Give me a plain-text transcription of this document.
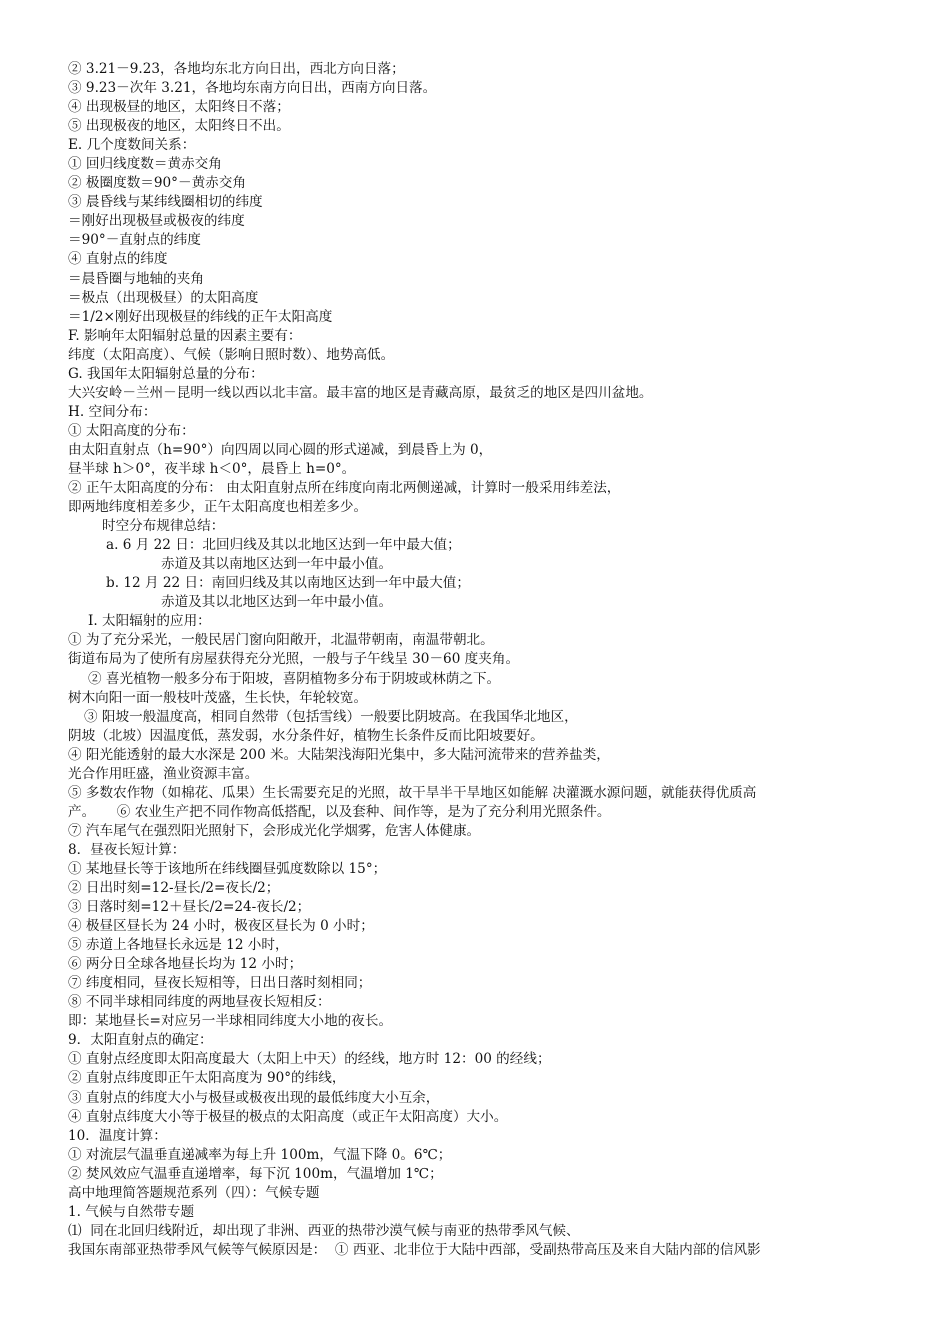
② 3.21－9.23，各地均东北方向日出，西北方向日落；
③ 9.23－次年 3.21，各地均东南方向日出，西南方向日落。
④ 出现极昼的地区，太阳终日不落；
⑤ 出现极夜的地区，太阳终日不出。
E. 几个度数间关系：
① 回归线度数＝黄赤交角
② 极圈度数＝90°－黄赤交角
③ 晨昏线与某纬线圈相切的纬度
＝刚好出现极昼或极夜的纬度
＝90°－直射点的纬度
④ 直射点的纬度
＝晨昏圈与地轴的夹角
＝极点（出现极昼）的太阳高度
＝1/2×刚好出现极昼的纬线的正午太阳高度
F. 影响年太阳辐射总量的因素主要有：
纬度（太阳高度）、气候（影响日照时数）、地势高低。
G. 我国年太阳辐射总量的分布：
大兴安岭－兰州－昆明一线以西以北丰富。最丰富的地区是青藏高原，最贫乏的地区是四川盆地。
H. 空间分布：
① 太阳高度的分布：
由太阳直射点（h=90°）向四周以同心圆的形式递减，到晨昏上为 0，
昼半球 h＞0°，夜半球 h＜0°，晨昏上 h=0°。
② 正午太阳高度的分布： 由太阳直射点所在纬度向南北两侧递减，计算时一般采用纬差法，
即两地纬度相差多少，正午太阳高度也相差多少。
时空分布规律总结：
a. 6 月 22 日：北回归线及其以北地区达到一年中最大值；
赤道及其以南地区达到一年中最小值。
b. 12 月 22 日：南回归线及其以南地区达到一年中最大值；
赤道及其以北地区达到一年中最小值。
I. 太阳辐射的应用：
① 为了充分采光，一般民居门窗向阳敞开，北温带朝南，南温带朝北。
街道布局为了使所有房屋获得充分光照，一般与子午线呈 30－60 度夹角。
② 喜光植物一般多分布于阳坡，喜阴植物多分布于阴坡或林荫之下。
树木向阳一面一般枝叶茂盛，生长快，年轮较宽。
③ 阳坡一般温度高，相同自然带（包括雪线）一般要比阴坡高。在我国华北地区，
阴坡（北坡）因温度低，蒸发弱，水分条件好，植物生长条件反而比阳坡要好。
④ 阳光能透射的最大水深是 200 米。大陆架浅海阳光集中，多大陆河流带来的营养盐类，
光合作用旺盛，渔业资源丰富。
⑤ 多数农作物（如棉花、瓜果）生长需要充足的光照，故干旱半干旱地区如能解 决灌溉水源问题，就能获得优质高
产。     ⑥ 农业生产把不同作物高低搭配，以及套种、间作等，是为了充分利用光照条件。
⑦ 汽车尾气在强烈阳光照射下，会形成光化学烟雾，危害人体健康。
8．昼夜长短计算：
① 某地昼长等于该地所在纬线圈昼弧度数除以 15°；
② 日出时刻=12-昼长/2=夜长/2；
③ 日落时刻=12＋昼长/2=24-夜长/2；
④ 极昼区昼长为 24 小时，极夜区昼长为 0 小时；
⑤ 赤道上各地昼长永远是 12 小时，
⑥ 两分日全球各地昼长均为 12 小时；
⑦ 纬度相同，昼夜长短相等，日出日落时刻相同；
⑧ 不同半球相同纬度的两地昼夜长短相反：
即：某地昼长=对应另一半球相同纬度大小地的夜长。
9．太阳直射点的确定：
① 直射点经度即太阳高度最大（太阳上中天）的经线，地方时 12：00 的经线；
② 直射点纬度即正午太阳高度为 90°的纬线，
③ 直射点的纬度大小与极昼或极夜出现的最低纬度大小互余，
④ 直射点纬度大小等于极昼的极点的太阳高度（或正午太阳高度）大小。
10．温度计算：
① 对流层气温垂直递减率为每上升 100m，气温下降 0。6℃；
② 焚风效应气温垂直递增率，每下沉 100m，气温增加 1℃；
高中地理简答题规范系列（四）：气候专题
1. 气候与自然带专题
⑴  同在北回归线附近，却出现了非洲、西亚的热带沙漠气候与南亚的热带季风气候、
我国东南部亚热带季风气候等气候原因是：  ① 西亚、北非位于大陆中西部，受副热带高压及来自大陆内部的信风影
